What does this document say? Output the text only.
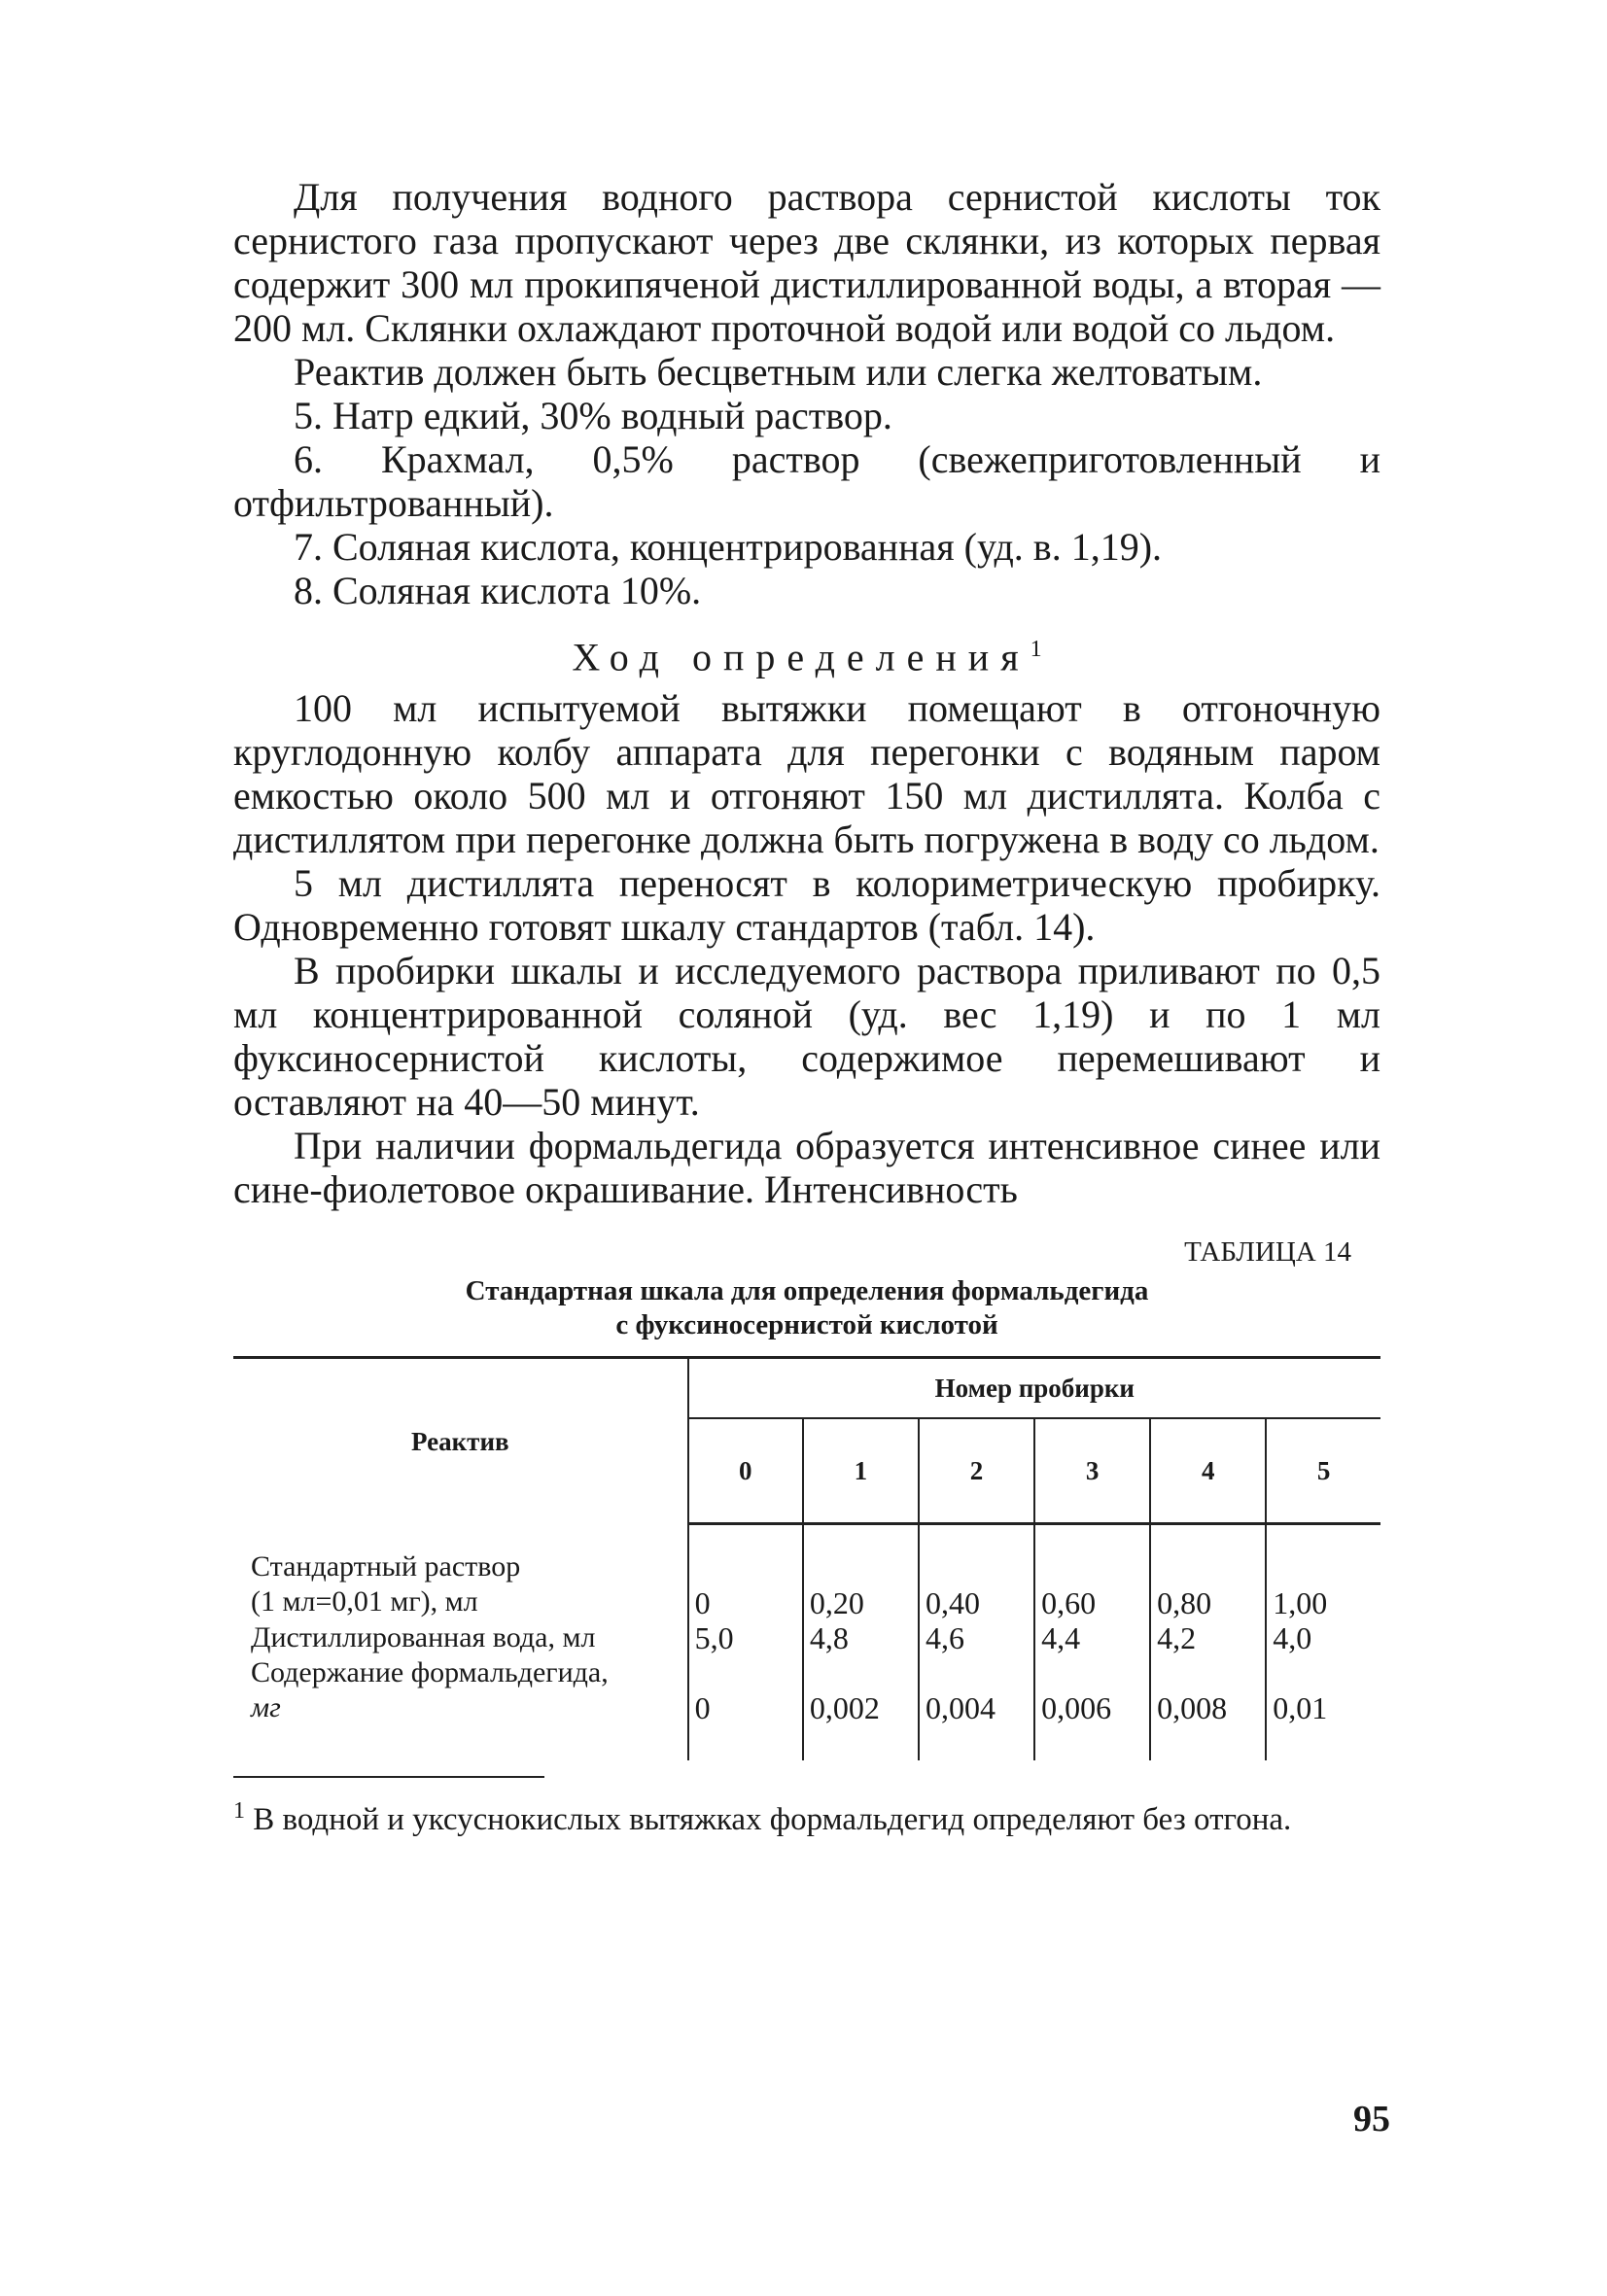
Для получения водного раствора сернистой кислоты ток сернистого газа пропускают через две склянки, из которых первая содержит 300 мл прокипяченой дистиллированной воды, а вторая — 200 мл. Склянки охлаждают проточной водой или водой со льдом.

Реактив должен быть бесцветным или слегка желтоватым.

5. Натр едкий, 30% водный раствор.

6. Крахмал, 0,5% раствор (свежеприготовленный и отфильтрованный).

7. Соляная кислота, концентрированная (уд. в. 1,19).

8. Соляная кислота 10%.

Ход определения$^1$

100 мл испытуемой вытяжки помещают в отгоночную круглодонную колбу аппарата для перегонки с водяным паром емкостью около 500 мл и отгоняют 150 мл дистиллята. Колба с дистиллятом при перегонке должна быть погружена в воду со льдом.

5 мл дистиллята переносят в колориметрическую пробирку. Одновременно готовят шкалу стандартов (табл. 14).

В пробирки шкалы и исследуемого раствора приливают по 0,5 мл концентрированной соляной (уд. вес 1,19) и по 1 мл фуксиносернистой кислоты, содержимое перемешивают и оставляют на 40—50 минут.

При наличии формальдегида образуется интенсивное синее или сине-фиолетовое окрашивание. Интенсивность

ТАБЛИЦА 14
Стандартная шкала для определения формальдегида
с фуксиносернистой кислотой
Реактив	Номер пробирки					
	0	1	2	3	4	5

Стандартный раствор
(1 мл=0,01 мг), мл	0	0,20	0,40	0,60	0,80	1,00

Дистиллированная вода, мл	5,0	4,8	4,6	4,4	4,2	4,0

Содержание формальдегида,
мг	0	0,002	0,004	0,006	0,008	0,01
$^1$ В водной и уксуснокислых вытяжках формальдегид определяют без отгона.
95
